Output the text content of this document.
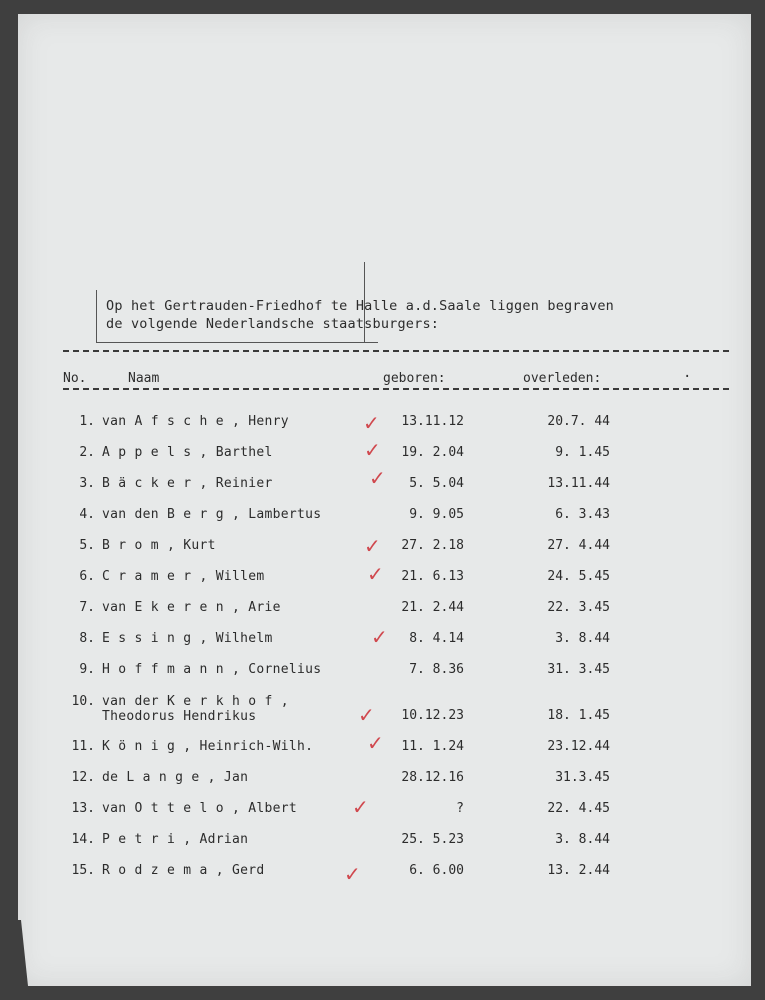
Op het Gertrauden-Friedhof te Halle a.d.Saale liggen begraven
de volgende Nederlandsche staatsburgers:
No.	Naam	geboren:	overleden:	.
1. van A f s c h e , Henry	13.11.12	20.7. 44
2. A p p e l s , Barthel	19. 2.04	9. 1.45
3. B ä c k e r , Reinier	5. 5.04	13.11.44
4. van den B e r g , Lambertus	9. 9.05	6. 3.43
5. B r o m , Kurt	27. 2.18	27. 4.44
6. C r a m e r , Willem	21. 6.13	24. 5.45
7. van E k e r e n , Arie	21. 2.44	22. 3.45
8. E s s i n g , Wilhelm	8. 4.14	3. 8.44
9. H o f f m a n n , Cornelius	7. 8.36	31. 3.45
10. van der K e r k h o f ,
Theodorus Hendrikus	10.12.23	18. 1.45
11. K ö n i g , Heinrich-Wilh.	11. 1.24	23.12.44
12. de L a n g e , Jan	28.12.16	31.3.45
13. van O t t e l o , Albert	?	22. 4.45
14. P e t r i , Adrian	25. 5.23	3. 8.44
15. R o d z e m a , Gerd	6. 6.00	13. 2.44
✓
✓
✓
✓
✓
✓
✓
✓
✓
✓
